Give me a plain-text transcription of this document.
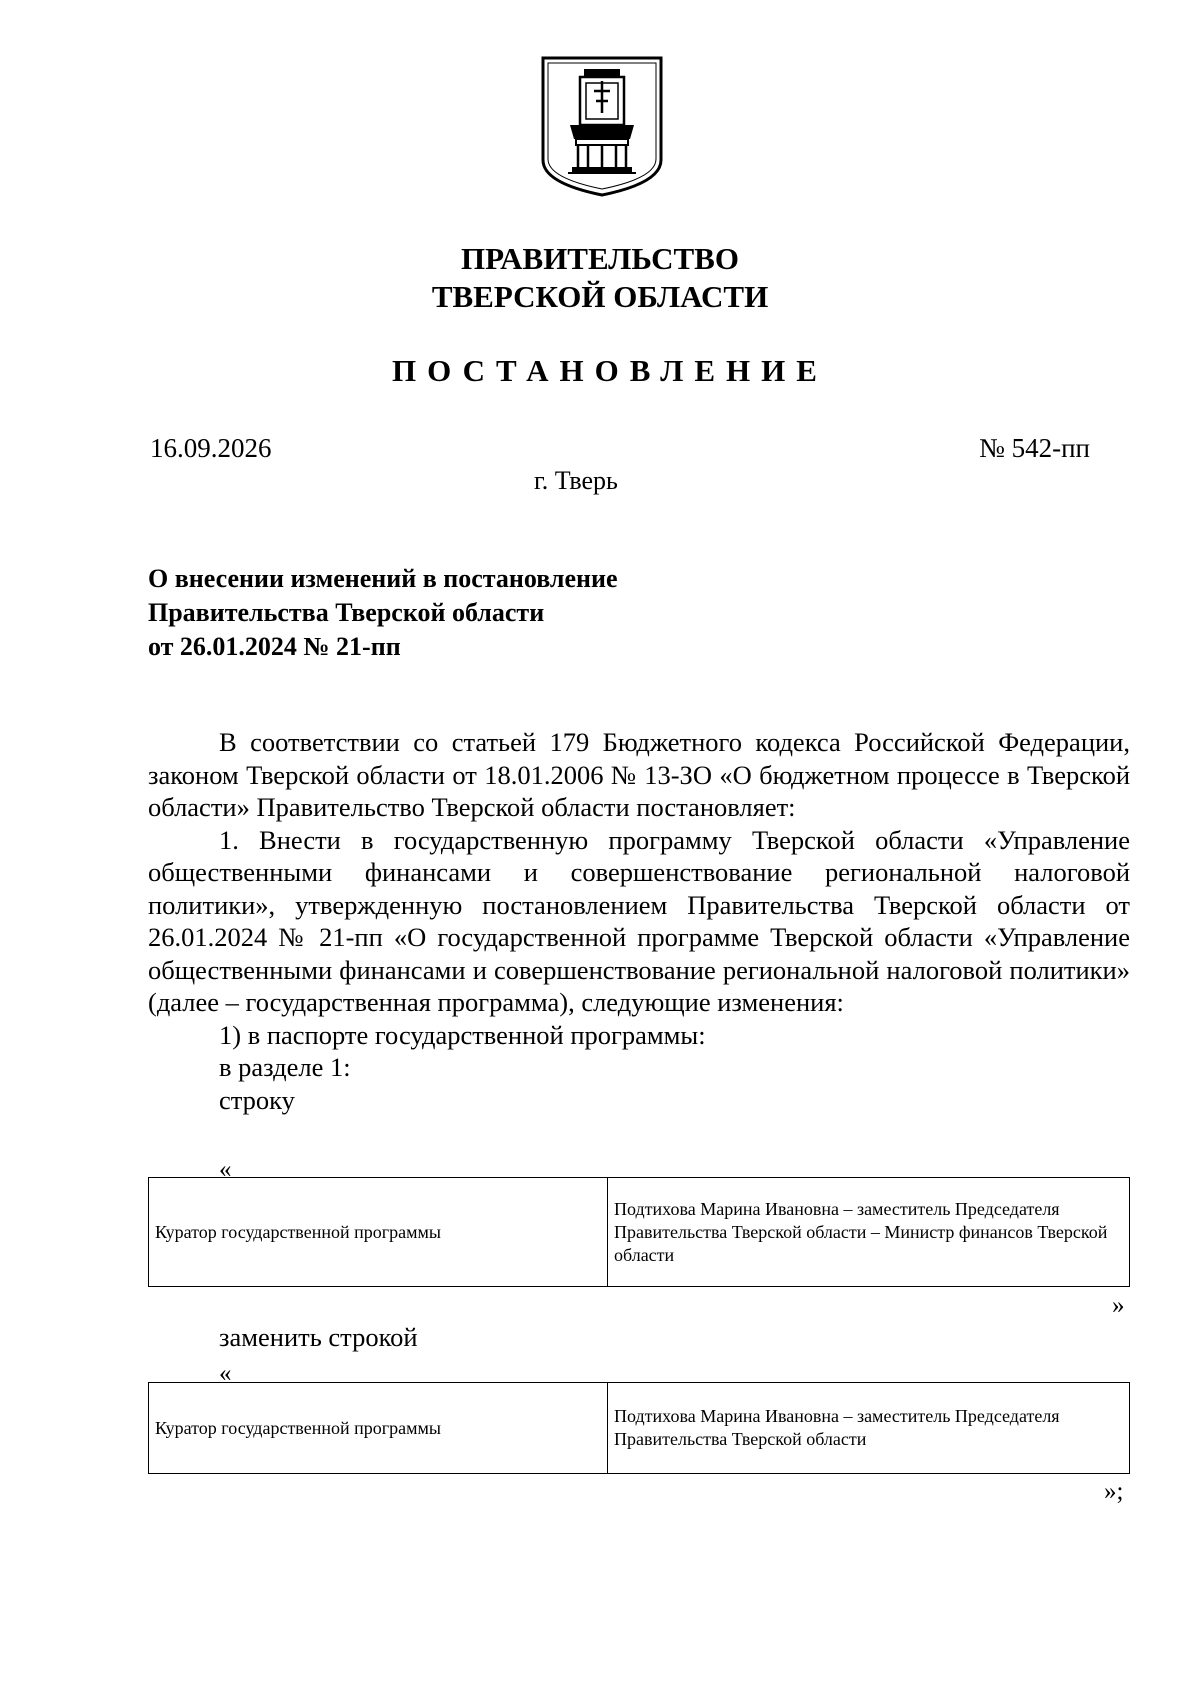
ПРАВИТЕЛЬСТВО
ТВЕРСКОЙ ОБЛАСТИ
ПОСТАНОВЛЕНИЕ
16.09.2026	№ 542-пп
г. Тверь
О внесении изменений в постановление
Правительства Тверской области
от 26.01.2024 № 21-пп

В соответствии со статьей 179 Бюджетного кодекса Российской Федерации, законом Тверской области от 18.01.2006 № 13-ЗО «О бюджетном процессе в Тверской области» Правительство Тверской области постановляет:

1. Внести в государственную программу Тверской области «Управление общественными финансами и совершенствование региональной налоговой политики», утвержденную постановлением Правительства Тверской области от 26.01.2024 № 21-пп «О государственной программе Тверской области «Управление общественными финансами и совершенствование региональной налоговой политики» (далее – государственная программа), следующие изменения:

1) в паспорте государственной программы:

в разделе 1:

строку

«
Куратор государственной программы	Подтихова Марина Ивановна – заместитель Председателя Правительства Тверской области – Министр финансов Тверской области
»
заменить строкой
«
Куратор государственной программы	Подтихова Марина Ивановна – заместитель Председателя Правительства Тверской области
»;
